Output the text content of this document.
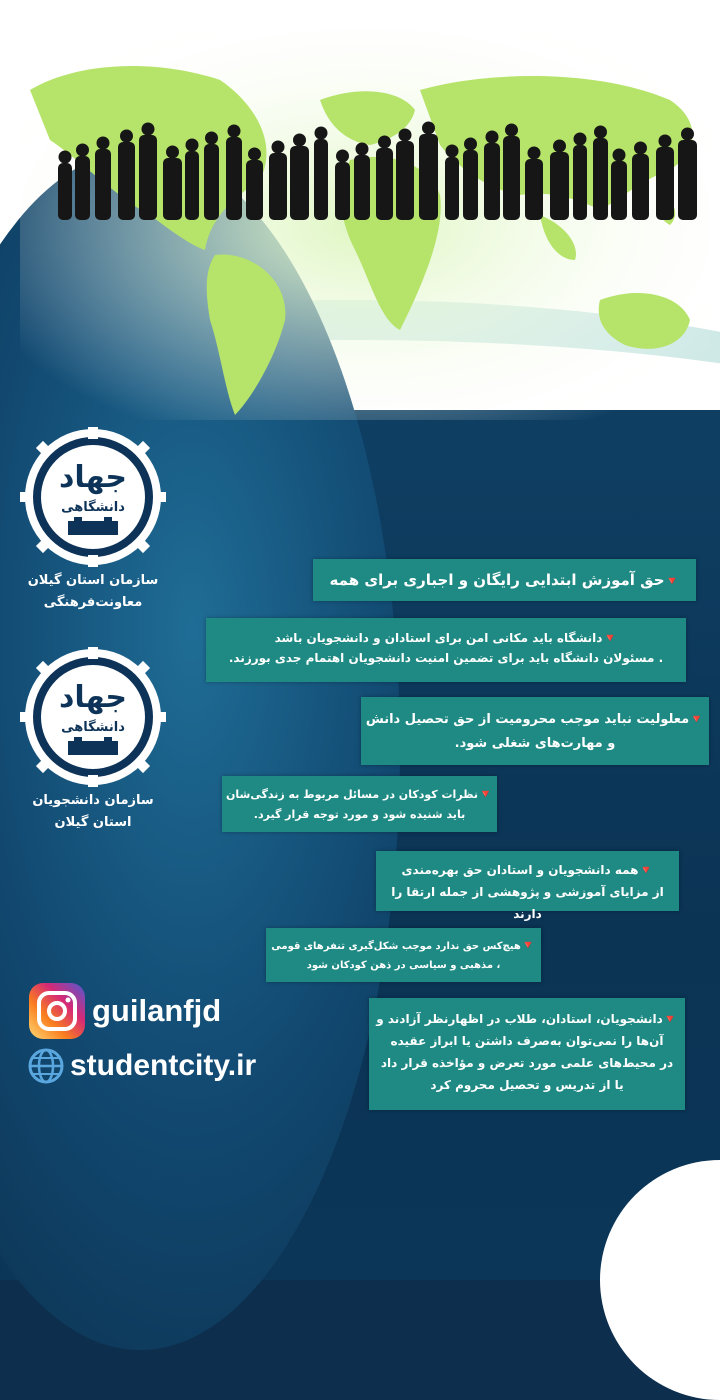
جهاد
دانشگاهی
سازمان استان گیلان
معاونت‌فرهنگی
جهاد
دانشگاهی
سازمان دانشجویان
استان گیلان
🔻حق آموزش ابتدایی رایگان و اجباری برای همه
🔻دانشگاه باید مکانی امن برای استادان و دانشجویان باشد
. مسئولان دانشگاه باید برای تضمین امنیت دانشجویان اهتمام جدی بورزند.
🔻معلولیت نباید موجب محرومیت از حق تحصیل دانش
و مهارت‌های شغلی شود.
🔻نظرات کودکان در مسائل مربوط به زندگی‌شان
باید شنیده شود و مورد توجه قرار گیرد.
🔻همه دانشجویان و استادان حق بهره‌مندی
از مزایای آموزشی و پژوهشی از جمله ارتقا را دارند
🔻هیچ‌کس حق ندارد موجب شکل‌گیری تنفرهای قومی
، مذهبی و سیاسی در ذهن کودکان شود
🔻دانشجویان، استادان، طلاب در اظهارنظر آزادند و
آن‌ها را نمی‌توان به‌صرف داشتن یا ابراز عقیده
در محیط‌های علمی مورد تعرض و مؤاخذه قرار داد
یا از تدریس و تحصیل محروم کرد
guilanfjd
studentcity.ir
